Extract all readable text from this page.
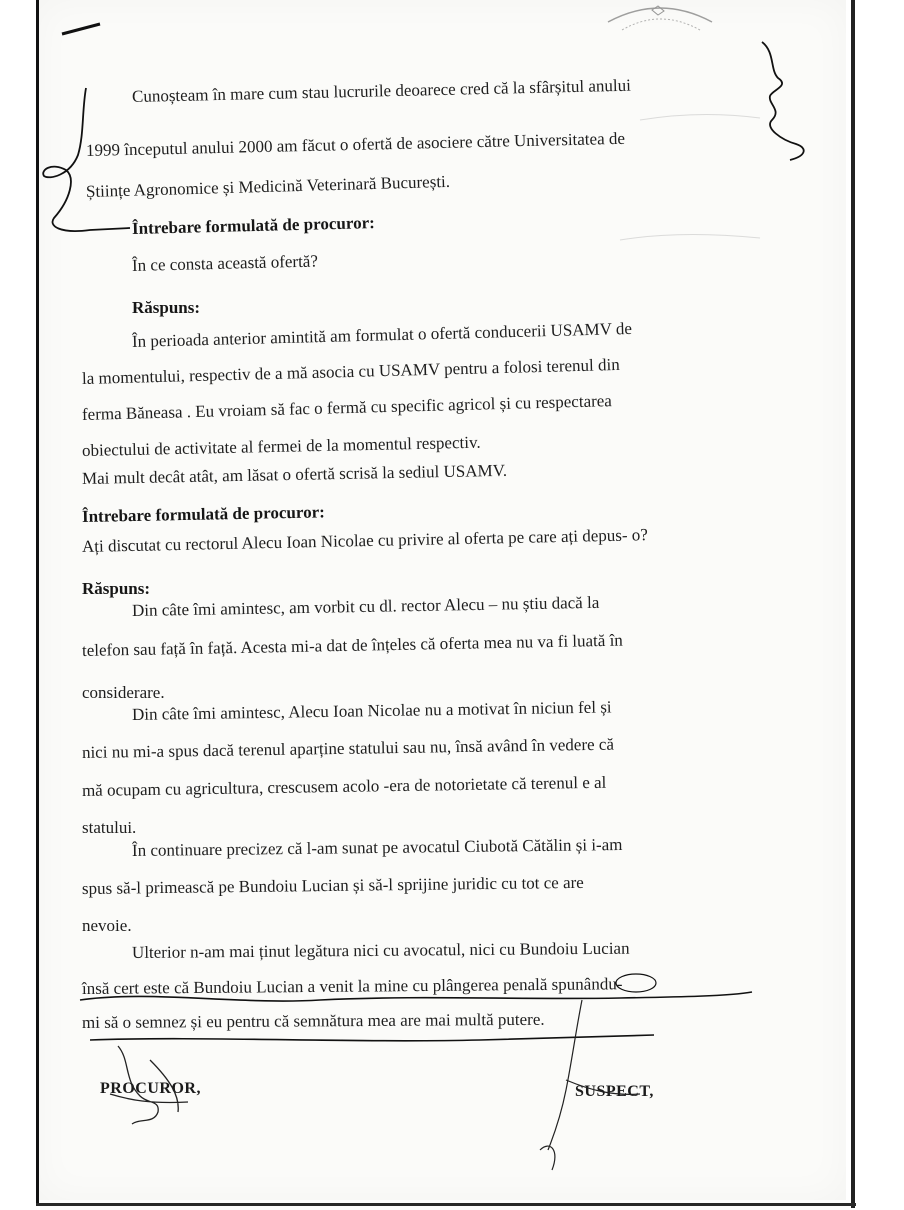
Cunoșteam în mare cum stau lucrurile deoarece cred că la sfârșitul anului
1999 începutul anului 2000 am făcut o ofertă de asociere către Universitatea de
Științe Agronomice și Medicină Veterinară București.
Întrebare formulată de procuror:
În ce consta această ofertă?
Răspuns:
În perioada anterior amintită am formulat o ofertă conducerii USAMV de
la momentului, respectiv de a mă asocia cu USAMV pentru a folosi terenul din
ferma Băneasa . Eu vroiam să fac o fermă cu specific agricol și cu respectarea
obiectului de activitate al fermei de la momentul respectiv.
Mai mult decât atât, am lăsat o ofertă scrisă la sediul USAMV.
Întrebare formulată de procuror:
Ați discutat cu rectorul Alecu Ioan Nicolae cu privire al oferta pe care ați depus- o?
Răspuns:
Din câte îmi amintesc, am vorbit cu dl. rector Alecu – nu știu dacă la
telefon sau față în față. Acesta mi-a dat de înțeles că oferta mea nu va fi luată în
considerare.
Din câte îmi amintesc, Alecu Ioan Nicolae nu a motivat în niciun fel și
nici nu mi-a spus dacă terenul aparține statului sau nu, însă având în vedere că
mă ocupam cu agricultura, crescusem acolo -era de notorietate că terenul e al
statului.
În continuare precizez că l-am sunat pe avocatul Ciubotă Cătălin și i-am
spus să-l primească pe Bundoiu Lucian și să-l sprijine juridic cu tot ce are
nevoie.
Ulterior n-am mai ținut legătura nici cu avocatul, nici cu Bundoiu Lucian
însă cert este că Bundoiu Lucian a venit la mine cu plângerea penală spunându-
mi să o semnez și eu pentru că semnătura mea are mai multă putere.
PROCUROR,	SUSPECT,
